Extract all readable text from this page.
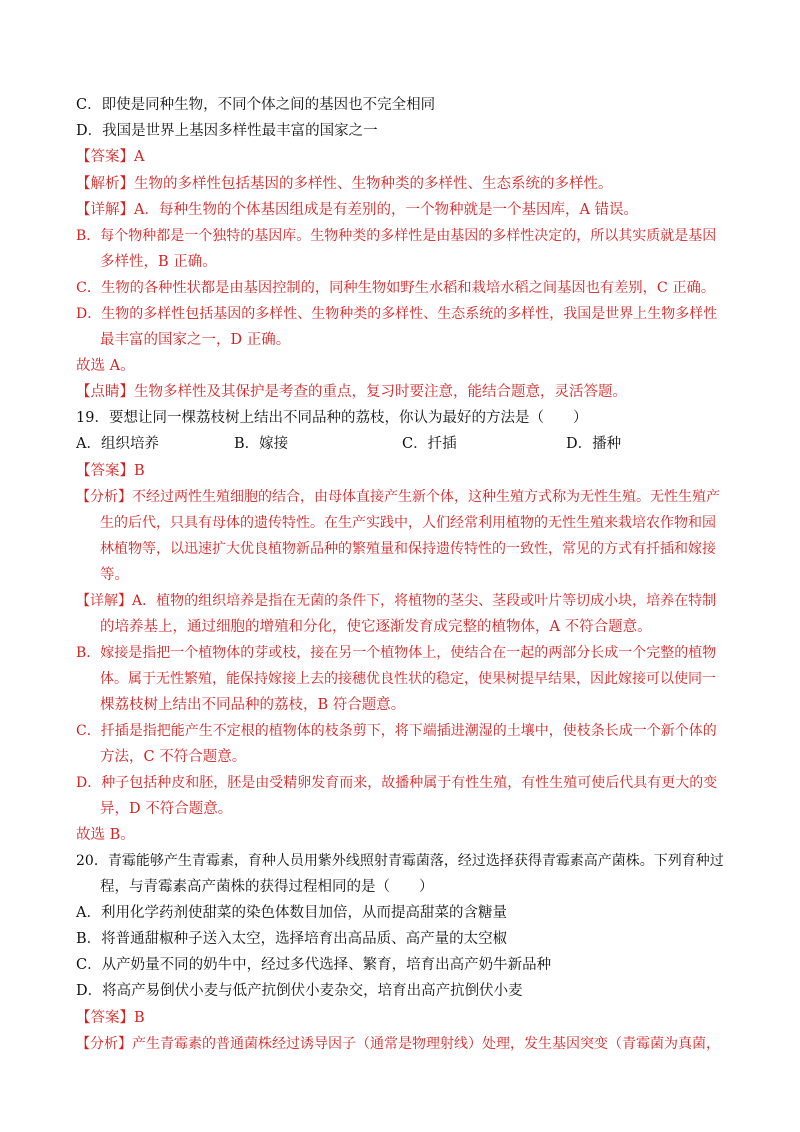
C．即使是同种生物，不同个体之间的基因也不完全相同
D．我国是世界上基因多样性最丰富的国家之一
【答案】A
【解析】生物的多样性包括基因的多样性、生物种类的多样性、生态系统的多样性。
【详解】A．每种生物的个体基因组成是有差别的，一个物种就是一个基因库，A 错误。
B．每个物种都是一个独特的基因库。生物种类的多样性是由基因的多样性决定的，所以其实质就是基因
多样性，B 正确。
C．生物的各种性状都是由基因控制的，同种生物如野生水稻和栽培水稻之间基因也有差别，C 正确。
D．生物的多样性包括基因的多样性、生物种类的多样性、生态系统的多样性，我国是世界上生物多样性
最丰富的国家之一，D 正确。
故选 A。
【点睛】生物多样性及其保护是考查的重点，复习时要注意，能结合题意，灵活答题。
19．要想让同一棵荔枝树上结出不同品种的荔枝，你认为最好的方法是（　　）
A．组织培养	B．嫁接	C．扦插	D．播种
【答案】B
【分析】不经过两性生殖细胞的结合，由母体直接产生新个体，这种生殖方式称为无性生殖。无性生殖产
生的后代，只具有母体的遗传特性。在生产实践中，人们经常利用植物的无性生殖来栽培农作物和园
林植物等，以迅速扩大优良植物新品种的繁殖量和保持遗传特性的一致性，常见的方式有扦插和嫁接
等。
【详解】A．植物的组织培养是指在无菌的条件下，将植物的茎尖、茎段或叶片等切成小块，培养在特制
的培养基上，通过细胞的增殖和分化，使它逐渐发育成完整的植物体，A 不符合题意。
B．嫁接是指把一个植物体的芽或枝，接在另一个植物体上，使结合在一起的两部分长成一个完整的植物
体。属于无性繁殖，能保持嫁接上去的接穗优良性状的稳定，使果树提早结果，因此嫁接可以使同一
棵荔枝树上结出不同品种的荔枝，B 符合题意。
C．扦插是指把能产生不定根的植物体的枝条剪下，将下端插进潮湿的土壤中，使枝条长成一个新个体的
方法，C 不符合题意。
D．种子包括种皮和胚，胚是由受精卵发育而来，故播种属于有性生殖，有性生殖可使后代具有更大的变
异，D 不符合题意。
故选 B。
20．青霉能够产生青霉素，育种人员用紫外线照射青霉菌落，经过选择获得青霉素高产菌株。下列育种过
程，与青霉素高产菌株的获得过程相同的是（　　）
A．利用化学药剂使甜菜的染色体数目加倍，从而提高甜菜的含糖量
B．将普通甜椒种子送入太空，选择培育出高品质、高产量的太空椒
C．从产奶量不同的奶牛中，经过多代选择、繁育，培育出高产奶牛新品种
D．将高产易倒伏小麦与低产抗倒伏小麦杂交，培育出高产抗倒伏小麦
【答案】B
【分析】产生青霉素的普通菌株经过诱导因子（通常是物理射线）处理，发生基因突变（青霉菌为真菌，
